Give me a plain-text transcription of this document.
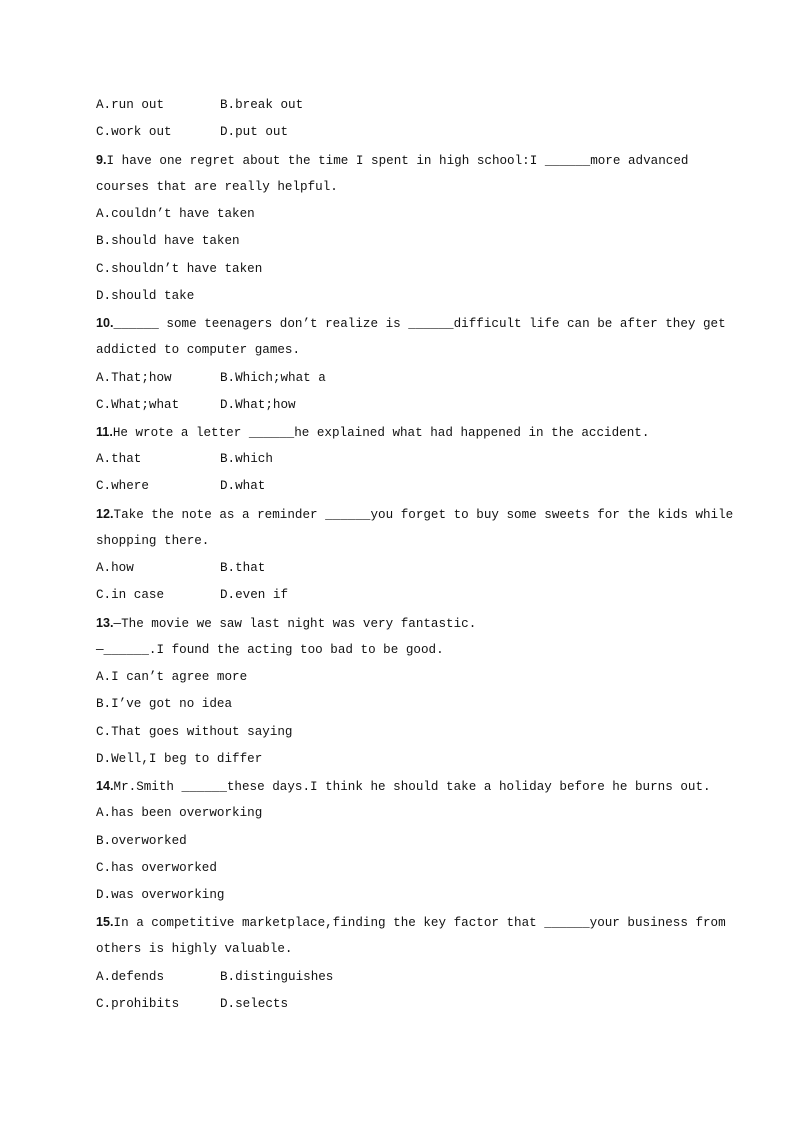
A.run out	B.break out
C.work out	D.put out
9.I have one regret about the time I spent in high school:I ______more advanced
courses that are really helpful.
A.couldn’t have taken
B.should have taken
C.shouldn’t have taken
D.should take
10.______ some teenagers don’t realize is ______difficult life can be after they get
addicted to computer games.
A.That;how	B.Which;what a
C.What;what	D.What;how
11.He wrote a letter ______he explained what had happened in the accident.
A.that	B.which
C.where	D.what
12.Take the note as a reminder ______you forget to buy some sweets for the kids while
shopping there.
A.how	B.that
C.in case	D.even if
13.—The movie we saw last night was very fantastic.
—______.I found the acting too bad to be good.
A.I can’t agree more
B.I’ve got no idea
C.That goes without saying
D.Well,I beg to differ
14.Mr.Smith ______these days.I think he should take a holiday before he burns out.
A.has been overworking
B.overworked
C.has overworked
D.was overworking
15.In a competitive marketplace,finding the key factor that ______your business from
others is highly valuable.
A.defends	B.distinguishes
C.prohibits	D.selects
